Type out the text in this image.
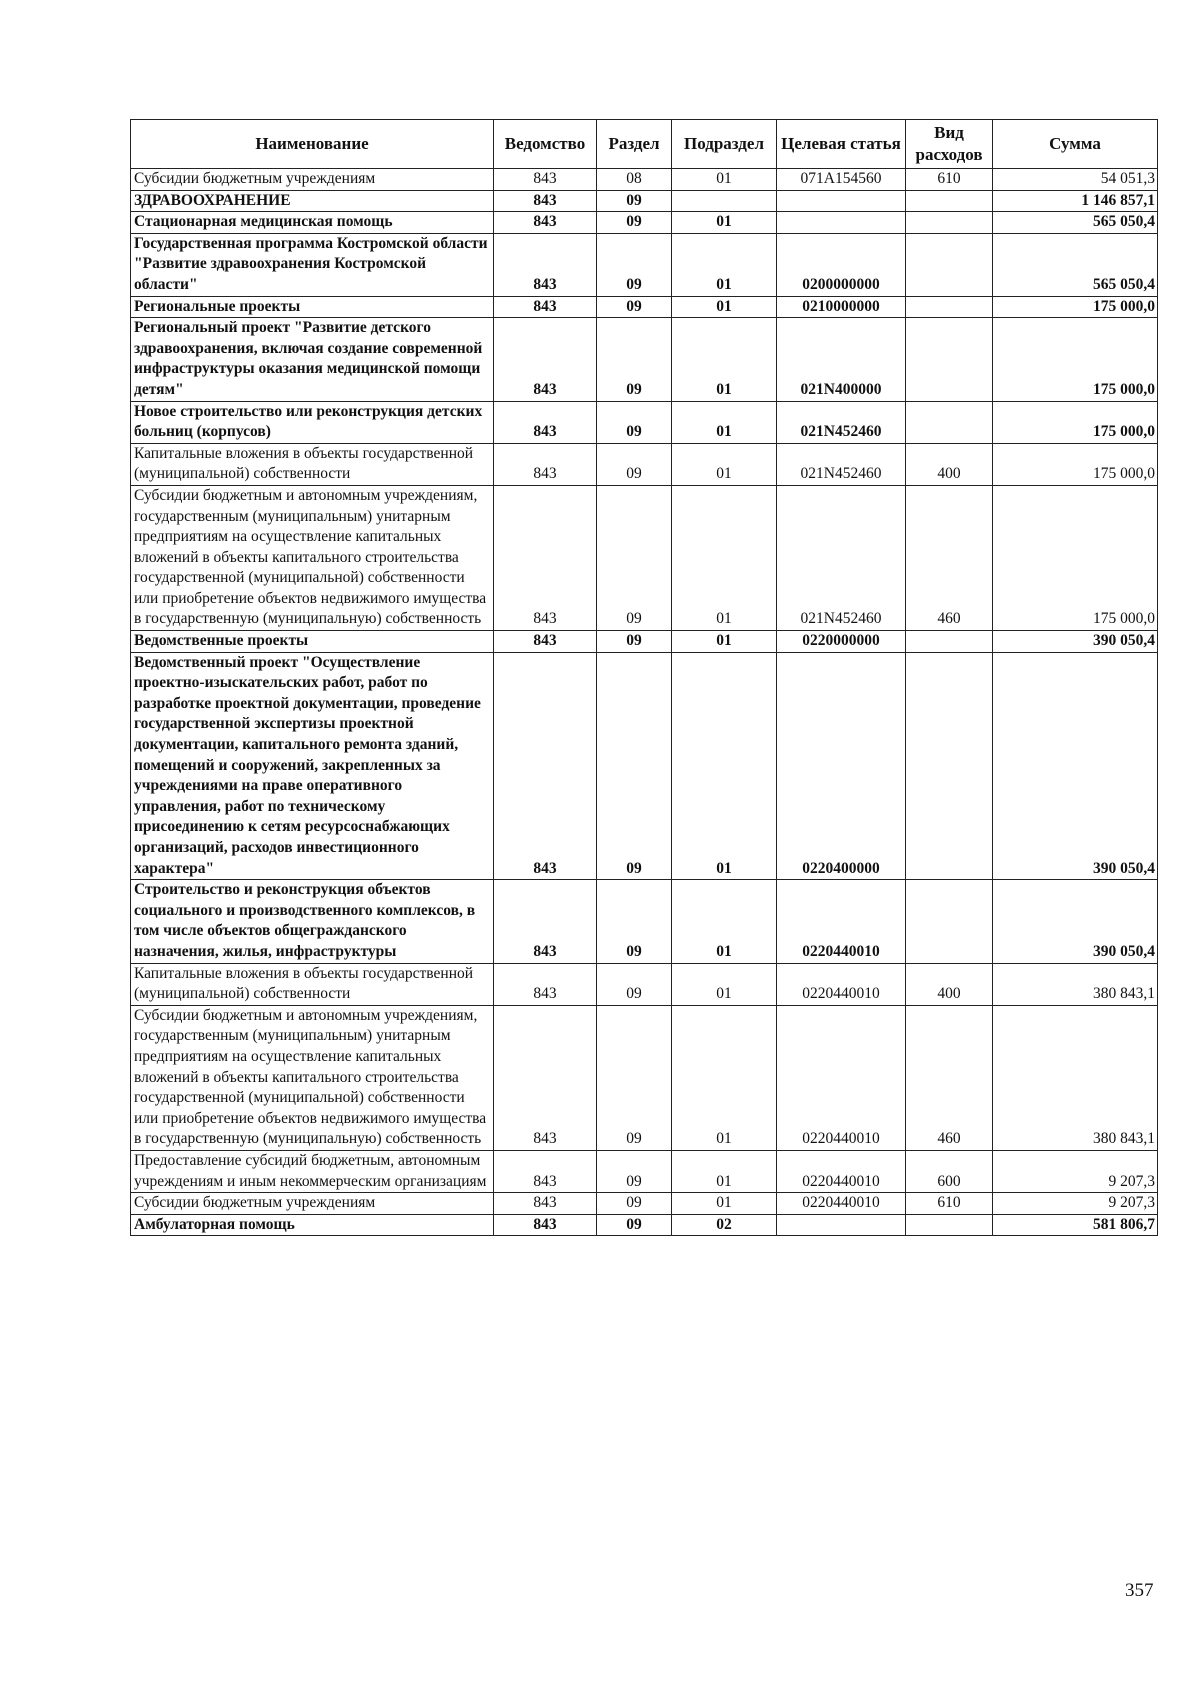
Наименование	Ведомство	Раздел	Подраздел	Целевая статья	Вид расходов	Сумма
Субсидии бюджетным учреждениям	843	08	01	071A154560	610	54 051,3
ЗДРАВООХРАНЕНИЕ	843	09				1 146 857,1
Стационарная медицинская помощь	843	09	01			565 050,4
Государственная программа Костромской области "Развитие здравоохранения Костромской области"	843	09	01	0200000000		565 050,4
Региональные проекты	843	09	01	0210000000		175 000,0
Региональный проект "Развитие детского здравоохранения, включая создание современной инфраструктуры оказания медицинской помощи детям"	843	09	01	021N400000		175 000,0
Новое строительство или реконструкция детских больниц (корпусов)	843	09	01	021N452460		175 000,0
Капитальные вложения в объекты государственной (муниципальной) собственности	843	09	01	021N452460	400	175 000,0
Субсидии бюджетным и автономным учреждениям, государственным (муниципальным) унитарным предприятиям на осуществление капитальных вложений в объекты капитального строительства государственной (муниципальной) собственности или приобретение объектов недвижимого имущества в государственную (муниципальную) собственность	843	09	01	021N452460	460	175 000,0
Ведомственные проекты	843	09	01	0220000000		390 050,4
Ведомственный проект "Осуществление проектно-изыскательских работ, работ по разработке проектной документации, проведение государственной экспертизы проектной документации, капитального ремонта зданий, помещений и сооружений, закрепленных за учреждениями на праве оперативного управления, работ по техническому присоединению к сетям ресурсоснабжающих организаций, расходов инвестиционного характера"	843	09	01	0220400000		390 050,4
Строительство и реконструкция объектов социального и производственного комплексов, в том числе объектов общегражданского назначения, жилья, инфраструктуры	843	09	01	0220440010		390 050,4
Капитальные вложения в объекты государственной (муниципальной) собственности	843	09	01	0220440010	400	380 843,1
Субсидии бюджетным и автономным учреждениям, государственным (муниципальным) унитарным предприятиям на осуществление капитальных вложений в объекты капитального строительства государственной (муниципальной) собственности или приобретение объектов недвижимого имущества в государственную (муниципальную) собственность	843	09	01	0220440010	460	380 843,1
Предоставление субсидий бюджетным, автономным учреждениям и иным некоммерческим организациям	843	09	01	0220440010	600	9 207,3
Субсидии бюджетным учреждениям	843	09	01	0220440010	610	9 207,3
Амбулаторная помощь	843	09	02			581 806,7
357
